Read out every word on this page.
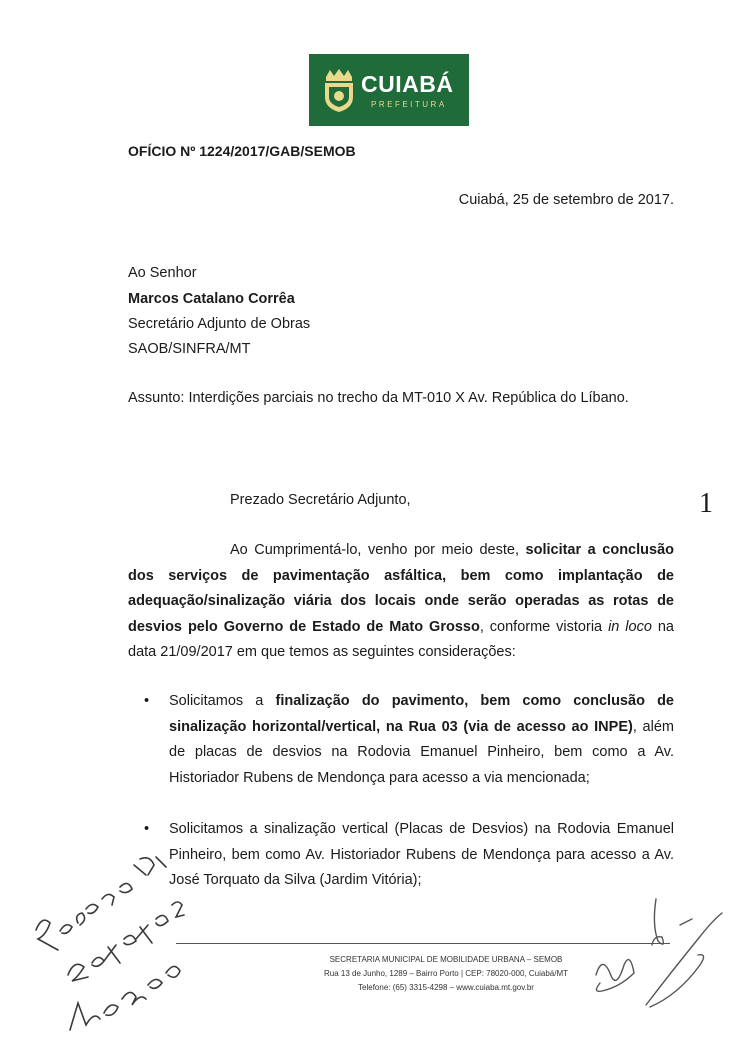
CUIABÁ
PREFEITURA
OFÍCIO Nº 1224/2017/GAB/SEMOB
Cuiabá, 25 de setembro de 2017.
Ao Senhor
Marcos Catalano Corrêa
Secretário Adjunto de Obras
SAOB/SINFRA/MT
Assunto: Interdições parciais no trecho da MT-010 X Av. República do Líbano.
Prezado Secretário Adjunto,	1
Ao Cumprimentá-lo, venho por meio deste, solicitar a conclusão dos serviços de pavimentação asfáltica, bem como implantação de adequação/sinalização viária dos locais onde serão operadas as rotas de desvios pelo Governo de Estado de Mato Grosso, conforme vistoria in loco na data 21/09/2017 em que temos as seguintes considerações:
• Solicitamos a finalização do pavimento, bem como conclusão de sinalização horizontal/vertical, na Rua 03 (via de acesso ao INPE), além de placas de desvios na Rodovia Emanuel Pinheiro, bem como a Av. Historiador Rubens de Mendonça para acesso a via mencionada;
• Solicitamos a sinalização vertical (Placas de Desvios) na Rodovia Emanuel Pinheiro, bem como Av. Historiador Rubens de Mendonça para acesso a Av. José Torquato da Silva (Jardim Vitória);
SECRETARIA MUNICIPAL DE MOBILIDADE URBANA – SEMOB
Rua 13 de Junho, 1289 – Bairro Porto | CEP: 78020-000, Cuiabá/MT
Telefone: (65) 3315-4298 – www.cuiaba.mt.gov.br
